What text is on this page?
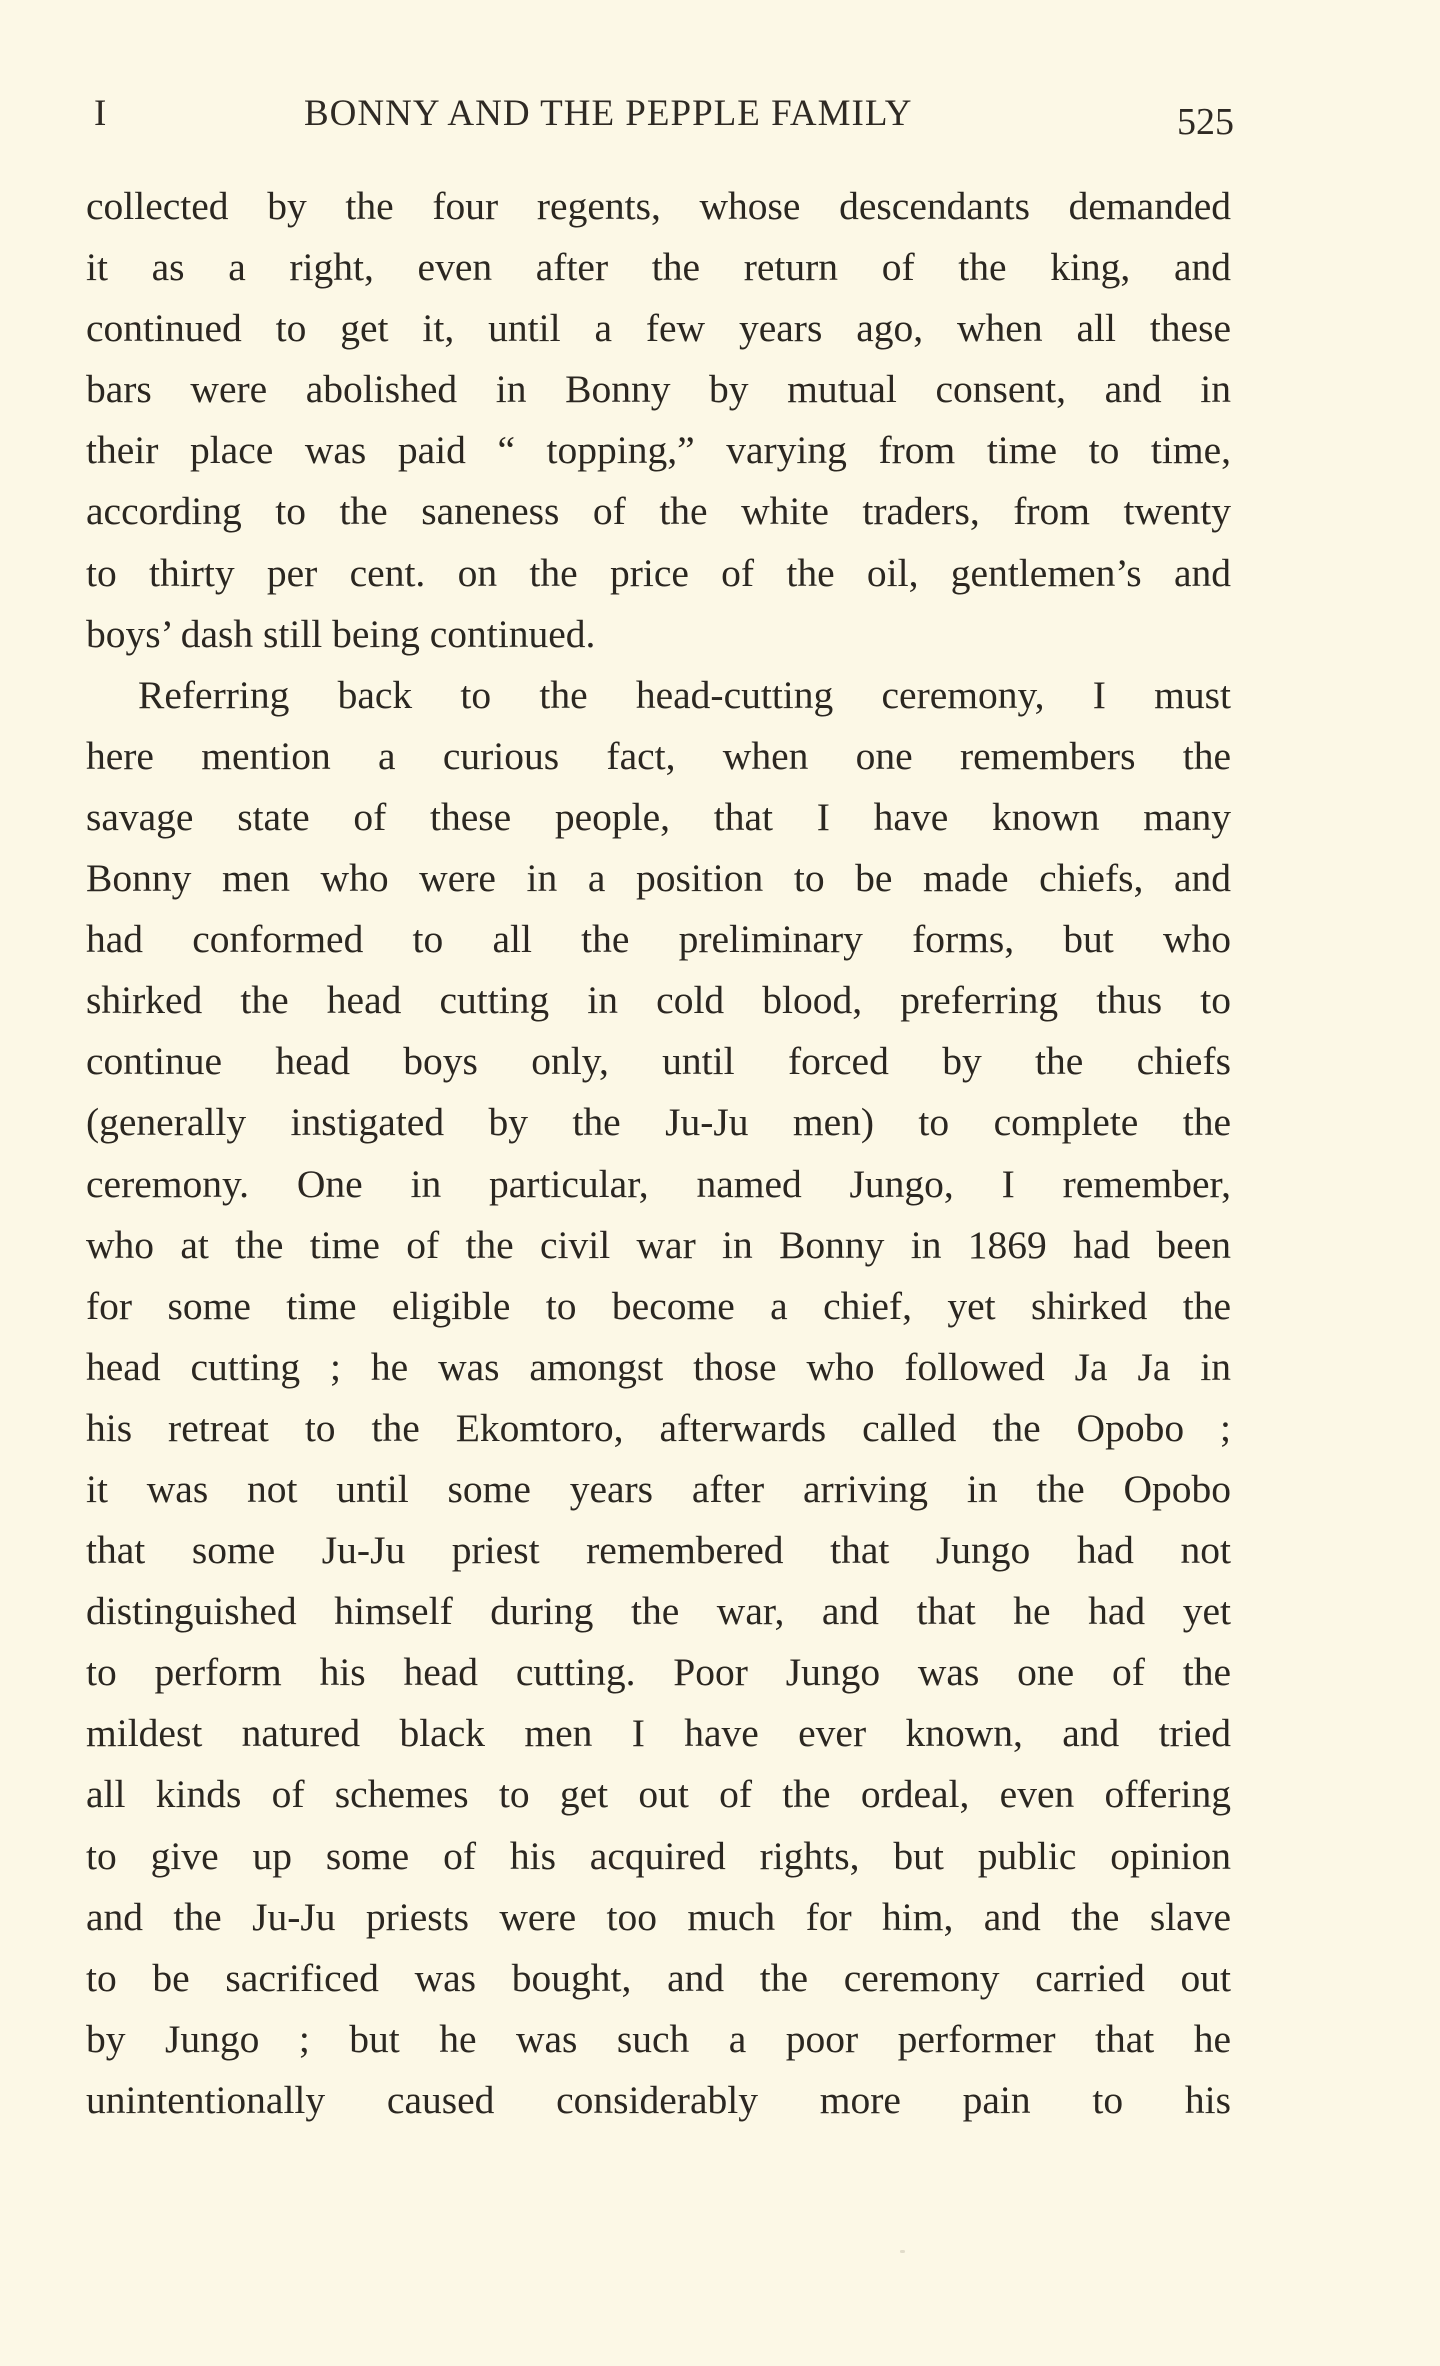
I	BONNY AND THE PEPPLE FAMILY	525
collected by the four regents, whose descendants demanded
it as a right, even after the return of the king, and
continued to get it, until a few years ago, when all these
bars were abolished in Bonny by mutual consent, and in
their place was paid “ topping,” varying from time to time,
according to the saneness of the white traders, from twenty
to thirty per cent. on the price of the oil, gentlemen’s and
boys’ dash still being continued.
Referring back to the head-cutting ceremony, I must
here mention a curious fact, when one remembers the
savage state of these people, that I have known many
Bonny men who were in a position to be made chiefs, and
had conformed to all the preliminary forms, but who
shirked the head cutting in cold blood, preferring thus to
continue head boys only, until forced by the chiefs
(generally instigated by the Ju-Ju men) to complete the
ceremony. One in particular, named Jungo, I remember,
who at the time of the civil war in Bonny in 1869 had been
for some time eligible to become a chief, yet shirked the
head cutting ; he was amongst those who followed Ja Ja in
his retreat to the Ekomtoro, afterwards called the Opobo ;
it was not until some years after arriving in the Opobo
that some Ju-Ju priest remembered that Jungo had not
distinguished himself during the war, and that he had yet
to perform his head cutting. Poor Jungo was one of the
mildest natured black men I have ever known, and tried
all kinds of schemes to get out of the ordeal, even offering
to give up some of his acquired rights, but public opinion
and the Ju-Ju priests were too much for him, and the slave
to be sacrificed was bought, and the ceremony carried out
by Jungo ; but he was such a poor performer that he
unintentionally caused considerably more pain to his
